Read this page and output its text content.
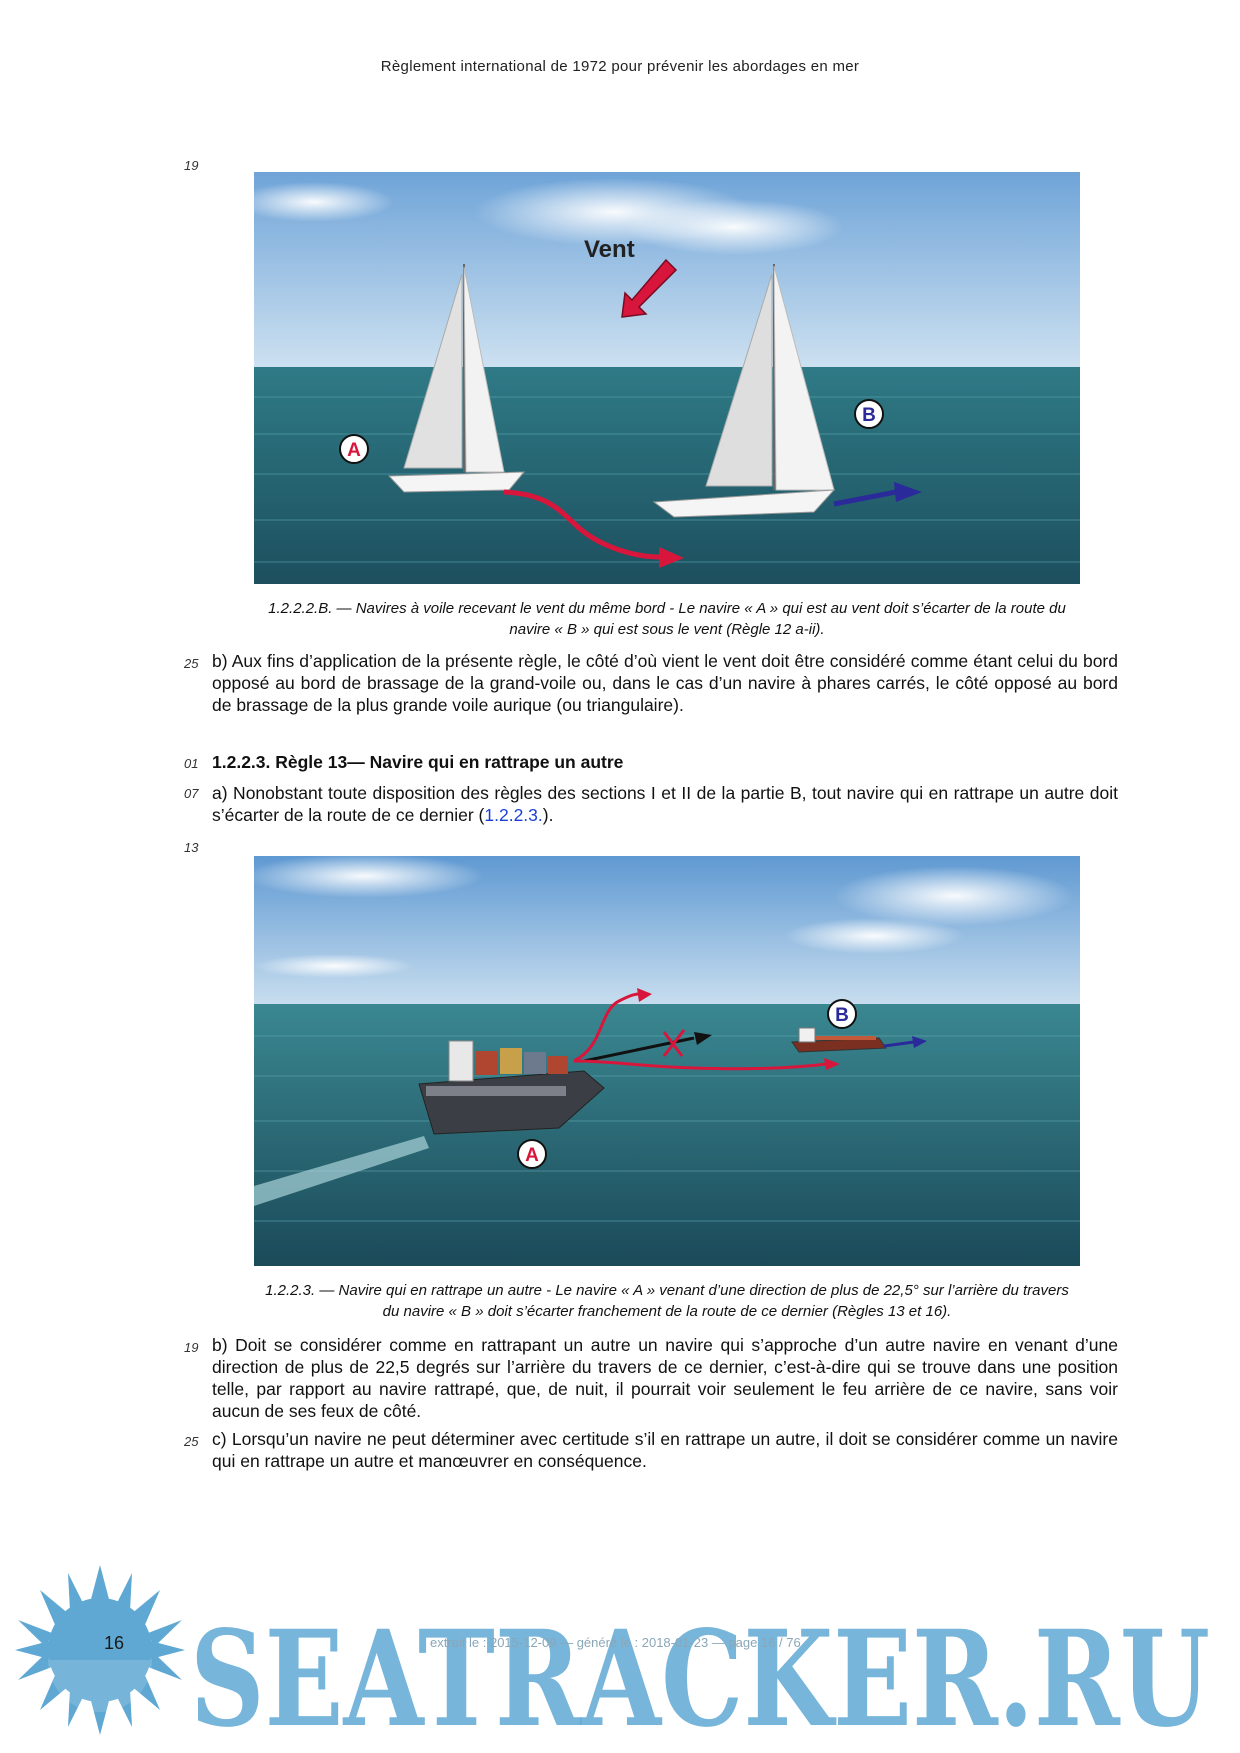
Règlement international de 1972 pour prévenir les abordages en mer
19
25
01
07
13
19
25
Vent
A
B
1.2.2.2.B. — Navires à voile recevant le vent du même bord - Le navire « A » qui est au vent doit s’écarter de la route du
navire « B » qui est sous le vent (Règle 12 a-ii).
b) Aux fins d’application de la présente règle, le côté d’où vient le vent doit être considéré comme étant celui du bord opposé au bord de brassage de la grand-voile ou, dans le cas d’un navire à phares carrés, le côté opposé au bord de brassage de la plus grande voile aurique (ou triangulaire).
1.2.2.3. Règle 13— Navire qui en rattrape un autre
a) Nonobstant toute disposition des règles des sections I et II de la partie B, tout navire qui en rattrape un autre doit s’écarter de la route de ce dernier (1.2.2.3.).
A
B
1.2.2.3. — Navire qui en rattrape un autre - Le navire « A » venant d’une direction de plus de 22,5° sur l’arrière du travers
du navire « B » doit s’écarter franchement de la route de ce dernier (Règles 13 et 16).
b) Doit se considérer comme en rattrapant un autre un navire qui s’approche d’un autre navire en venant d’une direction de plus de 22,5 degrés sur l’arrière du travers de ce dernier, c’est-à-dire qui se trouve dans une position telle, par rapport au navire rattrapé, que, de nuit, il pourrait voir seulement le feu arrière de ce navire, sans voir aucun de ses feux de côté.
c) Lorsqu’un navire ne peut déterminer avec certitude s’il en rattrape un autre, il doit se considérer comme un navire qui en rattrape un autre et manœuvrer en conséquence.
SEATRACKER.RU
16	extrait le : 2015-12-09 — généré le : 2018-01-23 — page 16 / 76
